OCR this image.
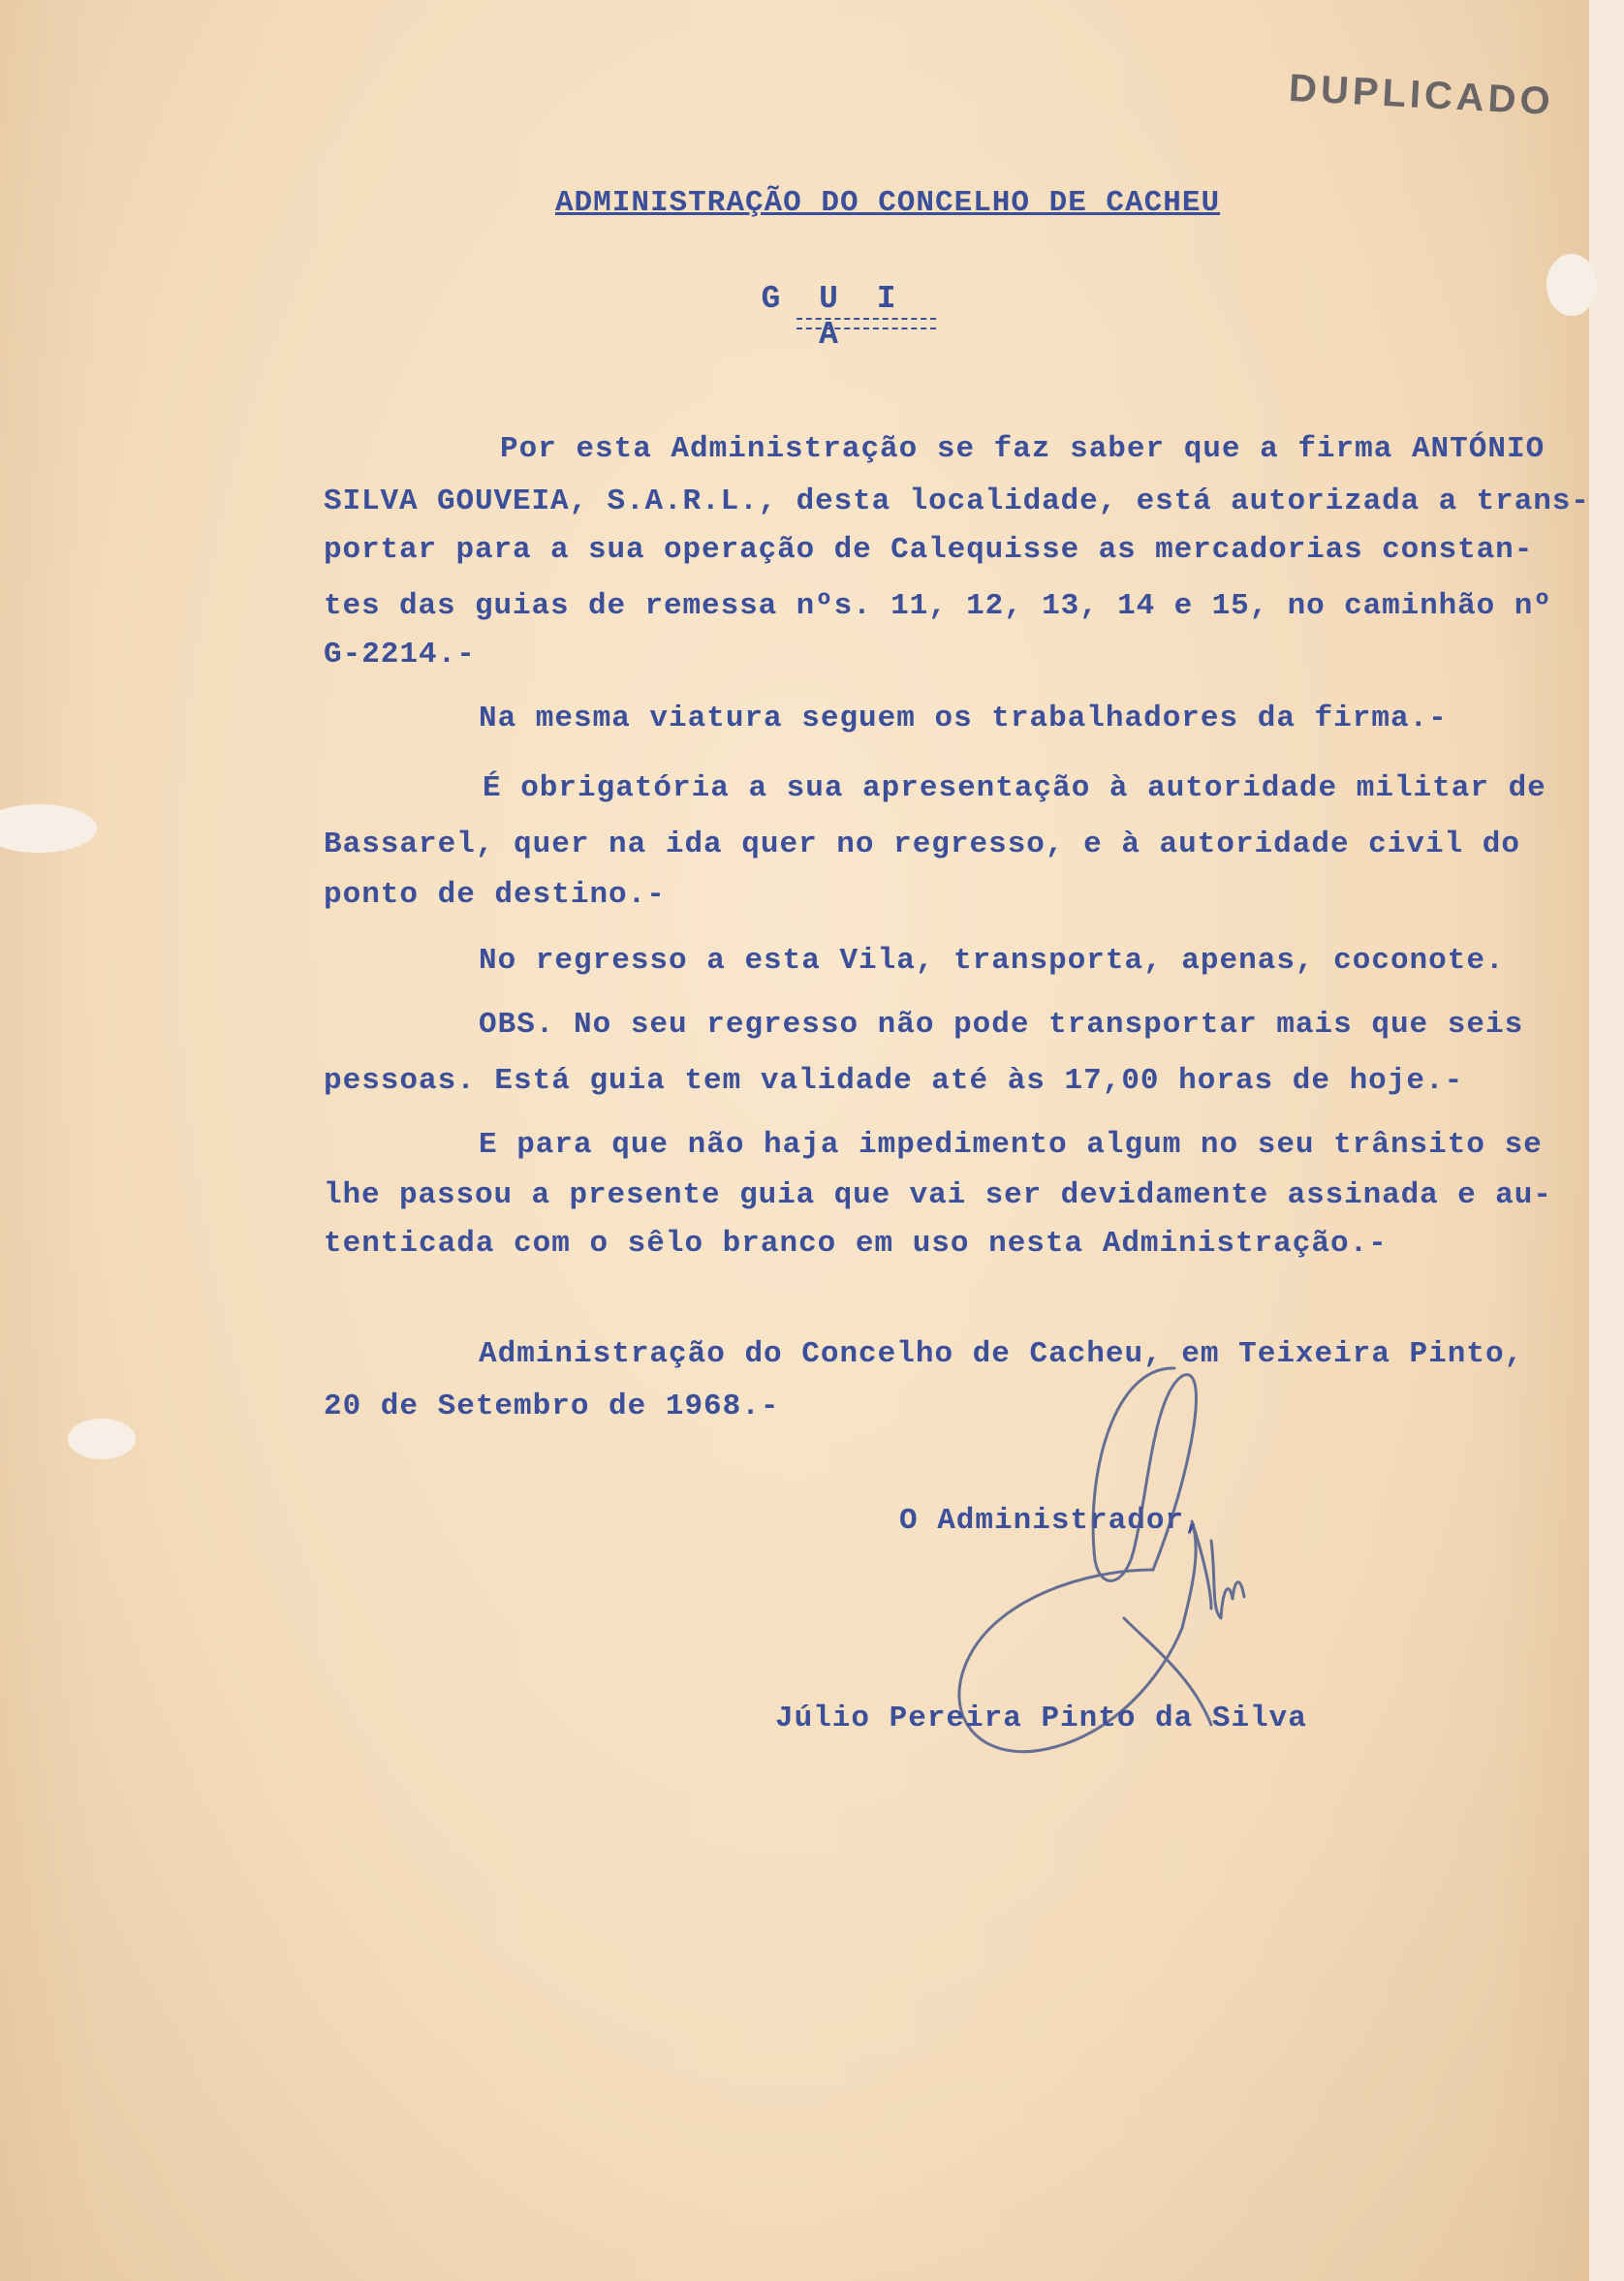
DUPLICADO
ADMINISTRAÇÃO DO CONCELHO DE CACHEU
G U I A
Por esta Administração se faz saber que a firma ANTÓNIO
SILVA GOUVEIA, S.A.R.L., desta localidade, está autorizada a trans-
portar para a sua operação de Calequisse as mercadorias constan-
tes das guias de remessa nºs. 11, 12, 13, 14 e 15, no caminhão nº
G-2214.-
Na mesma viatura seguem os trabalhadores da firma.-
É obrigatória a sua apresentação à autoridade militar de
Bassarel, quer na ida quer no regresso, e à autoridade civil do
ponto de destino.-
No regresso a esta Vila, transporta, apenas, coconote.
OBS. No seu regresso não pode transportar mais que seis
pessoas. Está guia tem validade até às 17,00 horas de hoje.-
E para que não haja impedimento algum no seu trânsito se
lhe passou a presente guia que vai ser devidamente assinada e au-
tenticada com o sêlo branco em uso nesta Administração.-
Administração do Concelho de Cacheu, em Teixeira Pinto,
20 de Setembro de 1968.-
O Administrador,
Júlio Pereira Pinto da Silva
